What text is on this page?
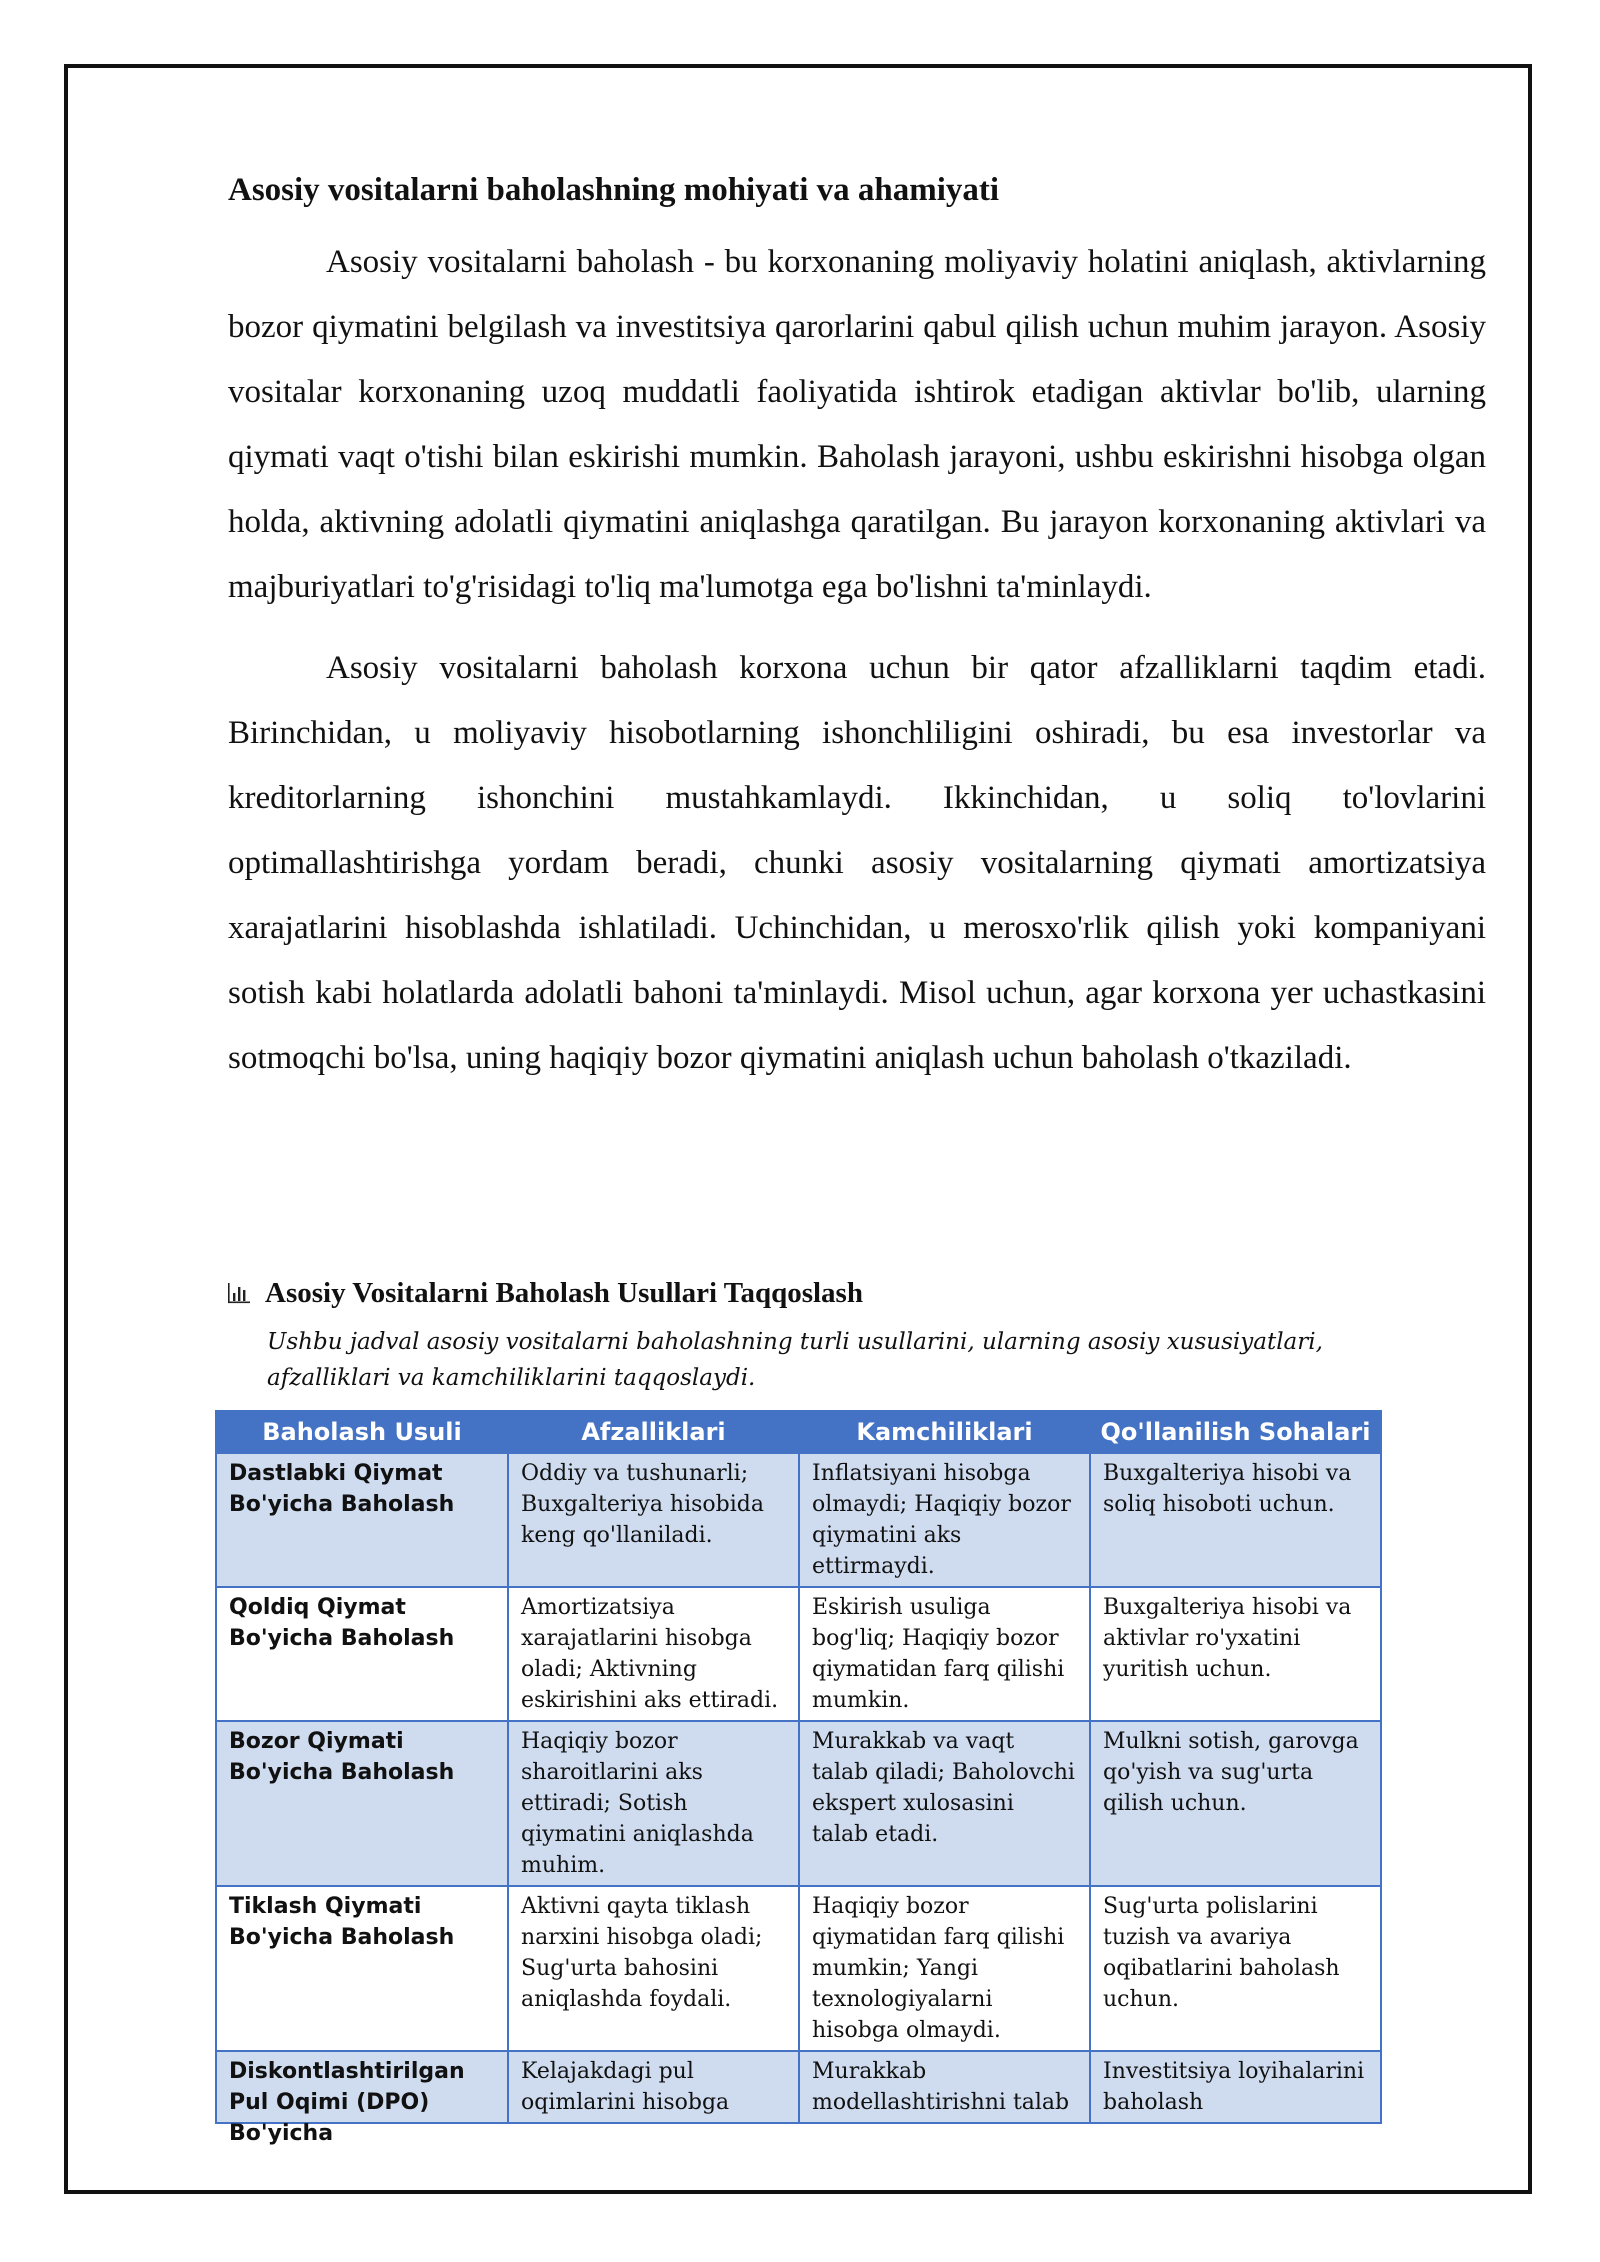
Asosiy vositalarni baholashning mohiyati va ahamiyati

Asosiy vositalarni baholash - bu korxonaning moliyaviy holatini aniqlash, aktivlarning bozor qiymatini belgilash va investitsiya qarorlarini qabul qilish uchun muhim jarayon. Asosiy vositalar korxonaning uzoq muddatli faoliyatida ishtirok etadigan aktivlar bo'lib, ularning qiymati vaqt o'tishi bilan eskirishi mumkin. Baholash jarayoni, ushbu eskirishni hisobga olgan holda, aktivning adolatli qiymatini aniqlashga qaratilgan. Bu jarayon korxonaning aktivlari va majburiyatlari to'g'risidagi to'liq ma'lumotga ega bo'lishni ta'minlaydi.

Asosiy vositalarni baholash korxona uchun bir qator afzalliklarni taqdim etadi. Birinchidan, u moliyaviy hisobotlarning ishonchliligini oshiradi, bu esa investorlar va kreditorlarning ishonchini mustahkamlaydi. Ikkinchidan, u soliq to'lovlarini optimallashtirishga yordam beradi, chunki asosiy vositalarning qiymati amortizatsiya xarajatlarini hisoblashda ishlatiladi. Uchinchidan, u merosxo'rlik qilish yoki kompaniyani sotish kabi holatlarda adolatli bahoni ta'minlaydi. Misol uchun, agar korxona yer uchastkasini sotmoqchi bo'lsa, uning haqiqiy bozor qiymatini aniqlash uchun baholash o'tkaziladi.

Asosiy Vositalarni Baholash Usullari Taqqoslash
Ushbu jadval asosiy vositalarni baholashning turli usullarini, ularning asosiy xususiyatlari, afzalliklari va kamchiliklarini taqqoslaydi.
Baholash Usuli	Afzalliklari	Kamchiliklari	Qo'llanilish Sohalari
Dastlabki Qiymat Bo'yicha Baholash	Oddiy va tushunarli; Buxgalteriya hisobida keng qo'llaniladi.	Inflatsiyani hisobga olmaydi; Haqiqiy bozor qiymatini aks ettirmaydi.	Buxgalteriya hisobi va soliq hisoboti uchun.
Qoldiq Qiymat Bo'yicha Baholash	Amortizatsiya xarajatlarini hisobga oladi; Aktivning eskirishini aks ettiradi.	Eskirish usuliga bog'liq; Haqiqiy bozor qiymatidan farq qilishi mumkin.	Buxgalteriya hisobi va aktivlar ro'yxatini yuritish uchun.
Bozor Qiymati Bo'yicha Baholash	Haqiqiy bozor sharoitlarini aks ettiradi; Sotish qiymatini aniqlashda muhim.	Murakkab va vaqt talab qiladi; Baholovchi ekspert xulosasini talab etadi.	Mulkni sotish, garovga qo'yish va sug'urta qilish uchun.
Tiklash Qiymati Bo'yicha Baholash	Aktivni qayta tiklash narxini hisobga oladi; Sug'urta bahosini aniqlashda foydali.	Haqiqiy bozor qiymatidan farq qilishi mumkin; Yangi texnologiyalarni hisobga olmaydi.	Sug'urta polislarini tuzish va avariya oqibatlarini baholash uchun.

Diskontlashtirilgan Pul Oqimi (DPO) Bo'yicha	Kelajakdagi pul oqimlarini hisobga	Murakkab modellashtirishni talab	Investitsiya loyihalarini baholash
